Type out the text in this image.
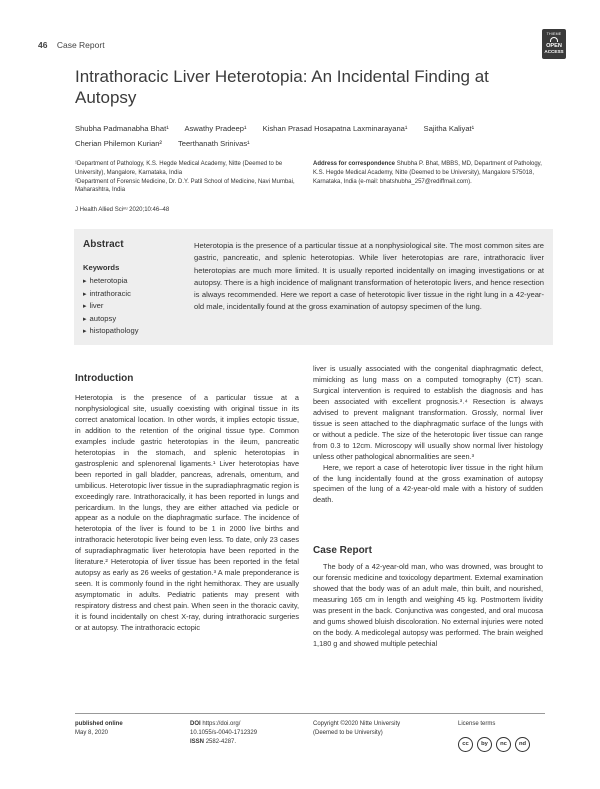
46 Case Report
THIEME
OPEN
ACCESS
Intrathoracic Liver Heterotopia: An Incidental Finding at Autopsy
Shubha Padmanabha Bhat¹ Aswathy Pradeep¹ Kishan Prasad Hosapatna Laxminarayana¹ Sajitha Kaliyat¹
Cherian Philemon Kurian² Teerthanath Srinivas¹
¹Department of Pathology, K.S. Hegde Medical Academy, Nitte (Deemed to be University), Mangalore, Karnataka, India
²Department of Forensic Medicine, Dr. D.Y. Patil School of Medicine, Navi Mumbai, Maharashtra, India
Address for correspondence Shubha P. Bhat, MBBS, MD, Department of Pathology, K.S. Hegde Medical Academy, Nitte (Deemed to be University), Mangalore 575018, Karnataka, India (e-mail: bhatshubha_257@rediffmail.com).
J Health Allied Sciⁿᵘ 2020;10:46–48
Abstract
Keywords
▸ heterotopia
▸ intrathoracic
▸ liver
▸ autopsy
▸ histopathology
Heterotopia is the presence of a particular tissue at a nonphysiological site. The most common sites are gastric, pancreatic, and splenic heterotopias. While liver heterotopias are rare, intrathoracic liver heterotopias are much more limited. It is usually reported incidentally on imaging investigations or at autopsy. There is a high incidence of malignant transformation of heterotopic livers, and hence resection is always recommended. Here we report a case of heterotopic liver tissue in the right lung in a 42-year-old male, incidentally found at the gross examination of autopsy specimen of the lung.
Introduction

Heterotopia is the presence of a particular tissue at a nonphysiological site, usually coexisting with original tissue in its correct anatomical location. In other words, it implies ectopic tissue, in addition to the retention of the original tissue type. Common examples include gastric heterotopias in the ileum, pancreatic heterotopias in the stomach, and splenic heterotopias in gastrosplenic and splenorenal ligaments.¹ Liver heterotopias have been reported in gall bladder, pancreas, adrenals, omentum, and umbilicus. Heterotopic liver tissue in the supradiaphragmatic region is exceedingly rare. Intrathoracically, it has been reported in lungs and pericardium. In the lungs, they are either attached via pedicle or appear as a nodule on the diaphragmatic surface. The incidence of heterotopia of the liver is found to be 1 in 2000 live births and intrathoracic heterotopic liver being even less. To date, only 23 cases of supradiaphragmatic liver heterotopia have been reported in the literature.² Heterotopia of liver tissue has been reported in the fetal autopsy as early as 26 weeks of gestation.³ A male preponderance is seen. It is commonly found in the right hemithorax. They are usually asymptomatic in adults. Pediatric patients may present with respiratory distress and chest pain. When seen in the thoracic cavity, it is found incidentally on chest X-ray, during intrathoracic surgeries or at autopsy. The intrathoracic ectopic

liver is usually associated with the congenital diaphragmatic defect, mimicking as lung mass on a computed tomography (CT) scan. Surgical intervention is required to establish the diagnosis and has been associated with excellent prognosis.³˒⁴ Resection is always advised to prevent malignant transformation. Grossly, normal liver tissue is seen attached to the diaphragmatic surface of the lungs with or without a pedicle. The size of the heterotopic liver tissue can range from 0.3 to 12cm. Microscopy will usually show normal liver histology unless other pathological abnormalities are seen.³

Here, we report a case of heterotopic liver tissue in the right hilum of the lung incidentally found at the gross examination of autopsy specimen of the lung of a 42-year-old male with a history of sudden death.

Case Report

The body of a 42-year-old man, who was drowned, was brought to our forensic medicine and toxicology department. External examination showed that the body was of an adult male, thin built, and nourished, measuring 165 cm in length and weighing 45 kg. Postmortem lividity was present in the back. Conjunctiva was congested, and oral mucosa and gums showed bluish discoloration. No external injuries were noted on the body. A medicolegal autopsy was performed. The brain weighed 1,180 g and showed multiple petechial

published online
May 8, 2020
DOI https://doi.org/
10.1055/s-0040-1712329
ISSN 2582-4287.
Copyright ©2020 Nitte University
(Deemed to be University)
License terms
cc	by	nc	nd
